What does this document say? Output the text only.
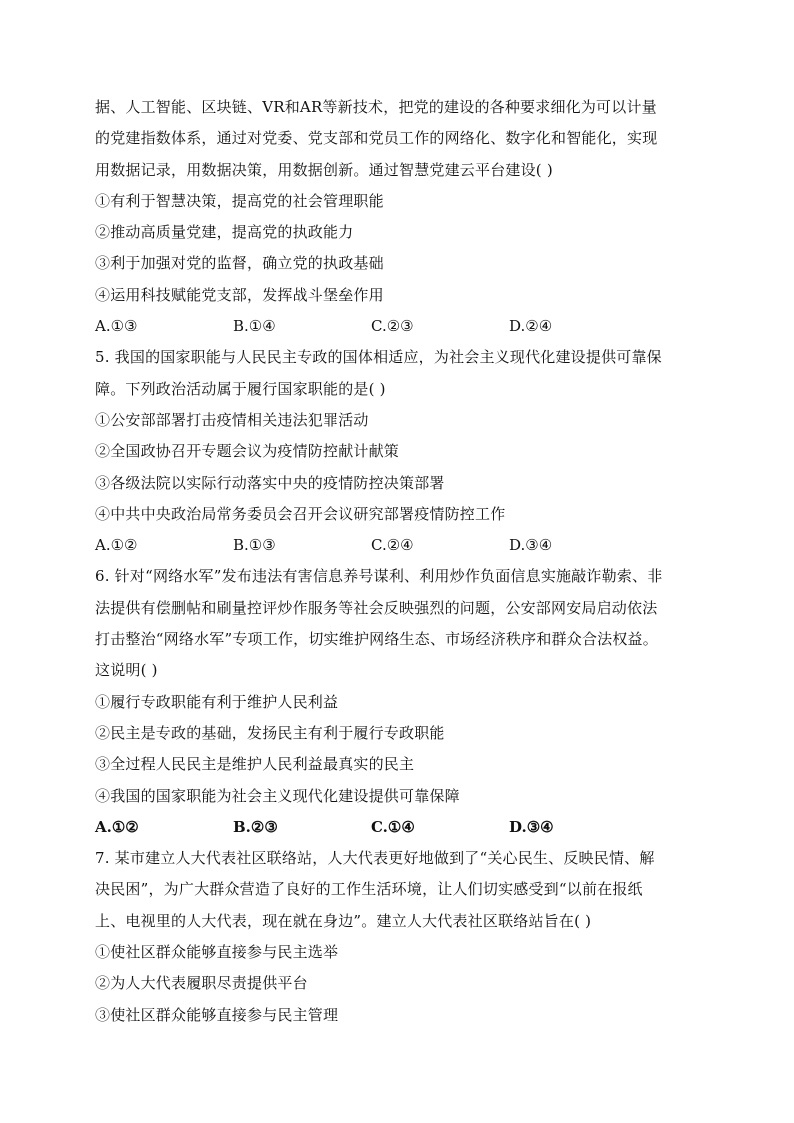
据、人工智能、区块链、VR和AR等新技术，把党的建设的各种要求细化为可以计量
的党建指数体系，通过对党委、党支部和党员工作的网络化、数字化和智能化，实现
用数据记录，用数据决策，用数据创新。通过智慧党建云平台建设( )
①有利于智慧决策，提高党的社会管理职能
②推动高质量党建，提高党的执政能力
③利于加强对党的监督，确立党的执政基础
④运用科技赋能党支部，发挥战斗堡垒作用
A.①③	B.①④	C.②③	D.②④
5. 我国的国家职能与人民民主专政的国体相适应，为社会主义现代化建设提供可靠保
障。下列政治活动属于履行国家职能的是( )
①公安部部署打击疫情相关违法犯罪活动
②全国政协召开专题会议为疫情防控献计献策
③各级法院以实际行动落实中央的疫情防控决策部署
④中共中央政治局常务委员会召开会议研究部署疫情防控工作
A.①②	B.①③	C.②④	D.③④
6. 针对“网络水军”发布违法有害信息养号谋利、利用炒作负面信息实施敲诈勒索、非
法提供有偿删帖和刷量控评炒作服务等社会反映强烈的问题，公安部网安局启动依法
打击整治“网络水军”专项工作，切实维护网络生态、市场经济秩序和群众合法权益。
这说明( )
①履行专政职能有利于维护人民利益
②民主是专政的基础，发扬民主有利于履行专政职能
③全过程人民民主是维护人民利益最真实的民主
④我国的国家职能为社会主义现代化建设提供可靠保障
A.①②	B.②③	C.①④	D.③④
7. 某市建立人大代表社区联络站，人大代表更好地做到了“关心民生、反映民情、解
决民困”，为广大群众营造了良好的工作生活环境，让人们切实感受到“以前在报纸
上、电视里的人大代表，现在就在身边”。建立人大代表社区联络站旨在( )
①使社区群众能够直接参与民主选举
②为人大代表履职尽责提供平台
③使社区群众能够直接参与民主管理
